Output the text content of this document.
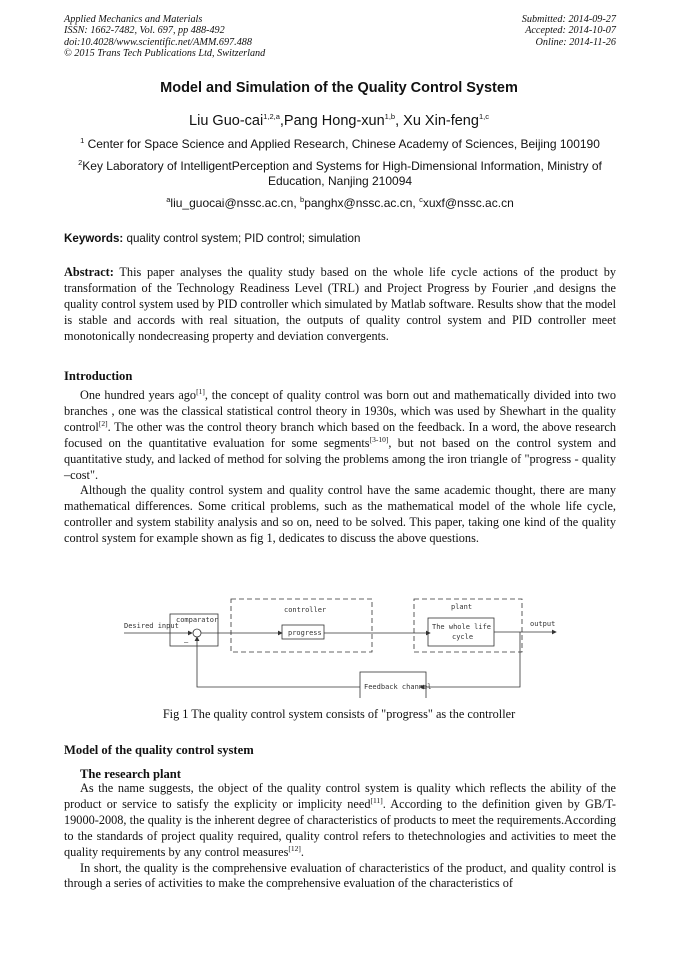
Applied Mechanics and Materials
ISSN: 1662-7482, Vol. 697, pp 488-492
doi:10.4028/www.scientific.net/AMM.697.488
© 2015 Trans Tech Publications Ltd, Switzerland
Submitted: 2014-09-27
Accepted: 2014-10-07
Online: 2014-11-26
Model and Simulation of the Quality Control System
Liu Guo-cai$^{1,2,a}$,Pang Hong-xun$^{1,b}$, Xu Xin-feng$^{1,c}$
$^1$ Center for Space Science and Applied Research, Chinese Academy of Sciences, Beijing 100190
$^2$Key Laboratory of IntelligentPerception and Systems for High-Dimensional Information, Ministry of Education, Nanjing 210094
$^a$liu_guocai@nssc.ac.cn, $^b$panghx@nssc.ac.cn, $^c$xuxf@nssc.ac.cn
Keywords: quality control system; PID control; simulation
Abstract: This paper analyses the quality study based on the whole life cycle actions of the product by transformation of the Technology Readiness Level (TRL) and Project Progress by Fourier ,and designs the quality control system used by PID controller which simulated by Matlab software. Results show that the model is stable and accords with real situation, the outputs of quality control system and PID controller meet monotonically nondecreasing property and deviation convergents.
Introduction

One hundred years ago[1], the concept of quality control was born out and mathematically divided into two branches , one was the classical statistical control theory in 1930s, which was used by Shewhart in the quality control[2]. The other was the control theory branch which based on the feedback. In a word, the above research focused on the quantitative evaluation for some segments[3-10], but not based on the control system and quantitative study, and lacked of method for solving the problems among the iron triangle of "progress - quality –cost".

Although the quality control system and quality control have the same academic thought, there are many mathematical differences. Some critical problems, such as the mathematical model of the whole life cycle, controller and system stability analysis and so on, need to be solved. This paper, taking one kind of the quality control system for example shown as fig 1, dedicates to discuss the above questions.

comparator
—
Desired input
controller
progress
plant
The whole life
cycle
output
Feedback channel
Fig 1 The quality control system consists of "progress" as the controller
Model of the quality control system
The research plant

As the name suggests, the object of the quality control system is quality which reflects the ability of the product or service to satisfy the explicity or implicity need[11]. According to the definition given by GB/T-19000-2008, the quality is the inherent degree of characteristics of products to meet the requirements.According to the standards of project quality required, quality control refers to thetechnologies and activities to meet the quality requirements by any control measures[12].

In short, the quality is the comprehensive evaluation of characteristics of the product, and quality control is through a series of activities to make the comprehensive evaluation of the characteristics of
